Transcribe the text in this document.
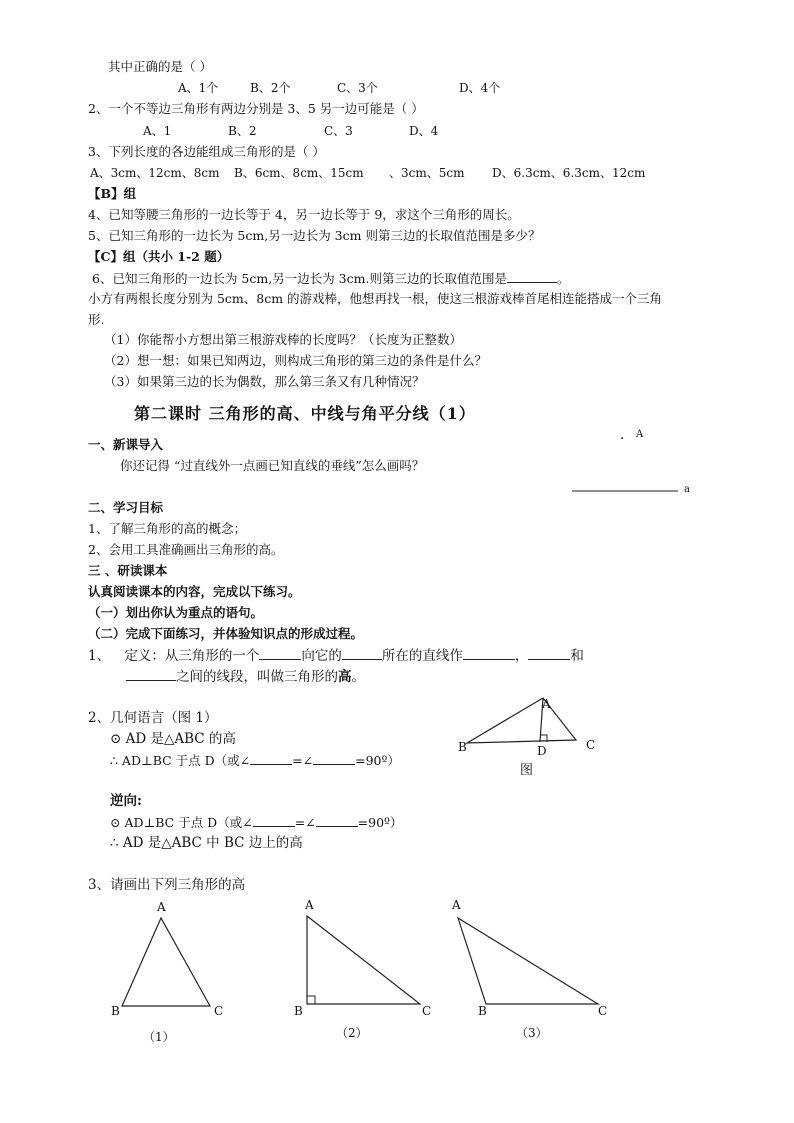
其中正确的是（ ）
A、1个	B、2个	C、3个	D、4个
2、一个不等边三角形有两边分别是 3、5 另一边可能是（ ）
A、1	B、2	C、3	D、4
3、下列长度的各边能组成三角形的是（ ）
A、3cm、12cm、8cm B、6cm、8cm、15cm 、3cm、5cm D、6.3cm、6.3cm、12cm
【B】组
4、已知等腰三角形的一边长等于 4，另一边长等于 9，求这个三角形的周长。
5、已知三角形的一边长为 5cm,另一边长为 3cm 则第三边的长取值范围是多少？
【C】组（共小 1-2 题）
6、已知三角形的一边长为 5cm,另一边长为 3cm.则第三边的长取值范围是	。
小方有两根长度分别为 5cm、8cm 的游戏棒，他想再找一根，使这三根游戏棒首尾相连能搭成一个三角
形.
（1）你能帮小方想出第三根游戏棒的长度吗？（长度为正整数）
（2）想一想：如果已知两边，则构成三角形的第三边的条件是什么？
（3）如果第三边的长为偶数，那么第三条又有几种情况？
第二课时 三角形的高、中线与角平分线（1）
一、新课导入
你还记得 “过直线外一点画已知直线的垂线”怎么画吗？
· A
a
二、学习目标
1、了解三角形的高的概念；
2、会用工具准确画出三角形的高。
三 、研读课本
认真阅读课本的内容，完成以下练习。
（一）划出你认为重点的语句。
（二）完成下面练习，并体验知识点的形成过程。
1、 定义：从三角形的一个	向它的	所在的直线作	，	和
之间的线段，叫做三角形的高。
2、几何语言（图 1）
⊙ AD 是△ABC 的高
∴ AD⊥BC 于点 D（或∠	=∠	=90º）
逆向:
⊙ AD⊥BC 于点 D（或∠	=∠	=90º）
∴ AD 是△ABC 中 BC 边上的高
3、请画出下列三角形的高
A
B	C
D
图
A
B	C
（1）
A
B	C
（2）
A
B	C
（3）
